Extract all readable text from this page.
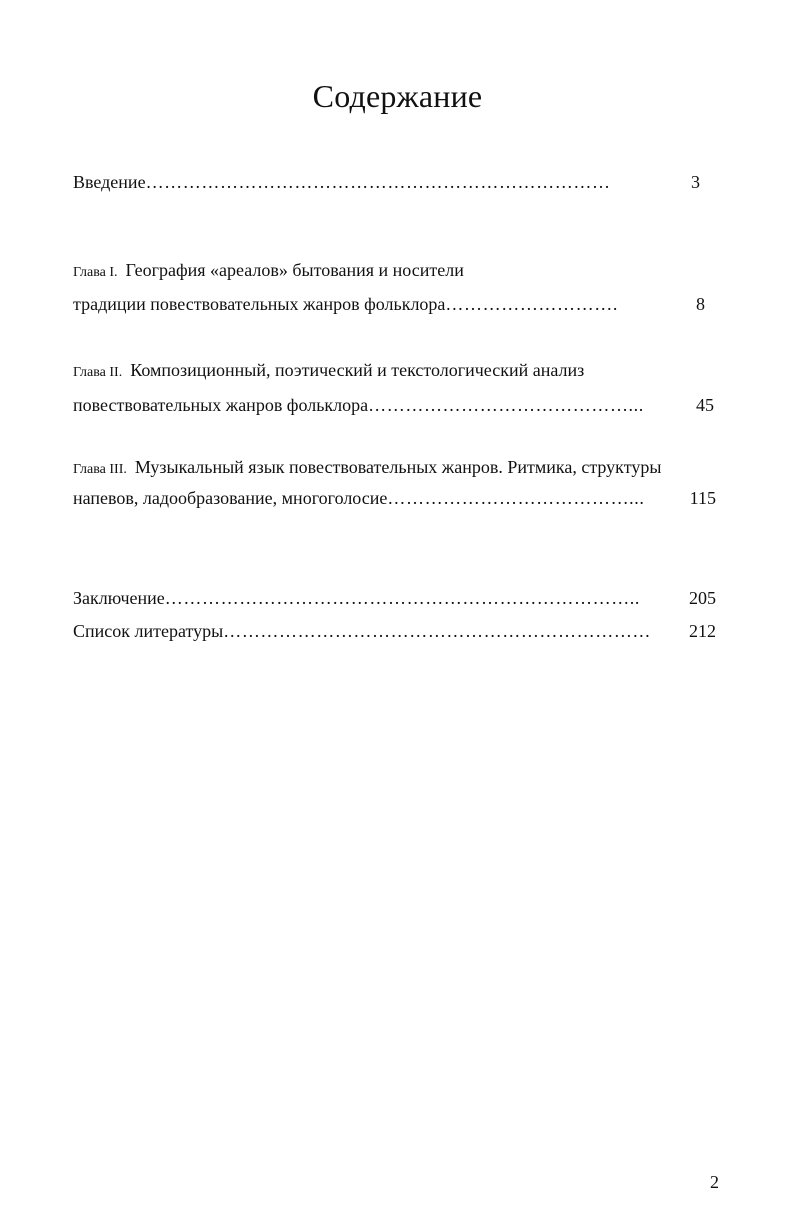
Содержание
Введение…………………………………………………………………	3
Глава I. География «ареалов» бытования и носители
традиции повествовательных жанров фольклора……………………….	8
Глава II. Композиционный, поэтический и текстологический анализ
повествовательных жанров фольклора……………………………………...	45
Глава III. Музыкальный язык повествовательных жанров. Ритмика, структуры
напевов, ладообразование, многоголосие…………………………………...	115
Заключение…………………………………………………………………..	205
Список литературы……………………………………………………………	212
2
